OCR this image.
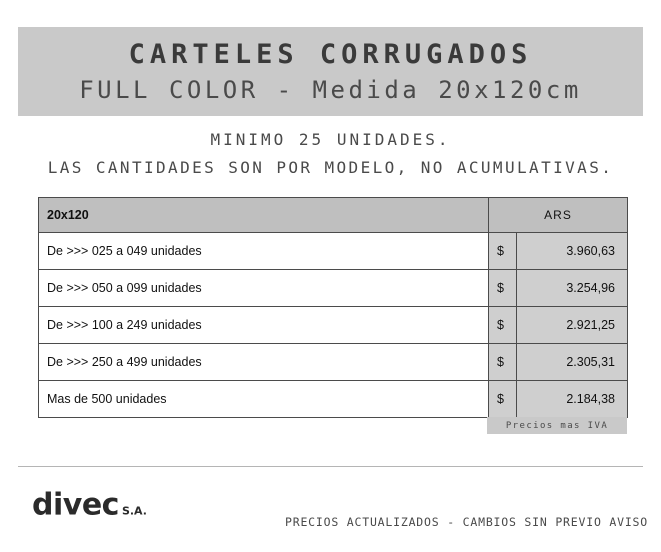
CARTELES CORRUGADOS
FULL COLOR - Medida 20x120cm
MINIMO 25 UNIDADES.
LAS CANTIDADES SON POR MODELO, NO ACUMULATIVAS.
20x120	ARS	
De >>> 025 a 049 unidades	$	3.960,63
De >>> 050 a 099 unidades	$	3.254,96
De >>> 100 a 249 unidades	$	2.921,25
De >>> 250 a 499 unidades	$	2.305,31
Mas de 500 unidades	$	2.184,38
Precios mas IVA
divec S.A.
PRECIOS ACTUALIZADOS - CAMBIOS SIN PREVIO AVISO
